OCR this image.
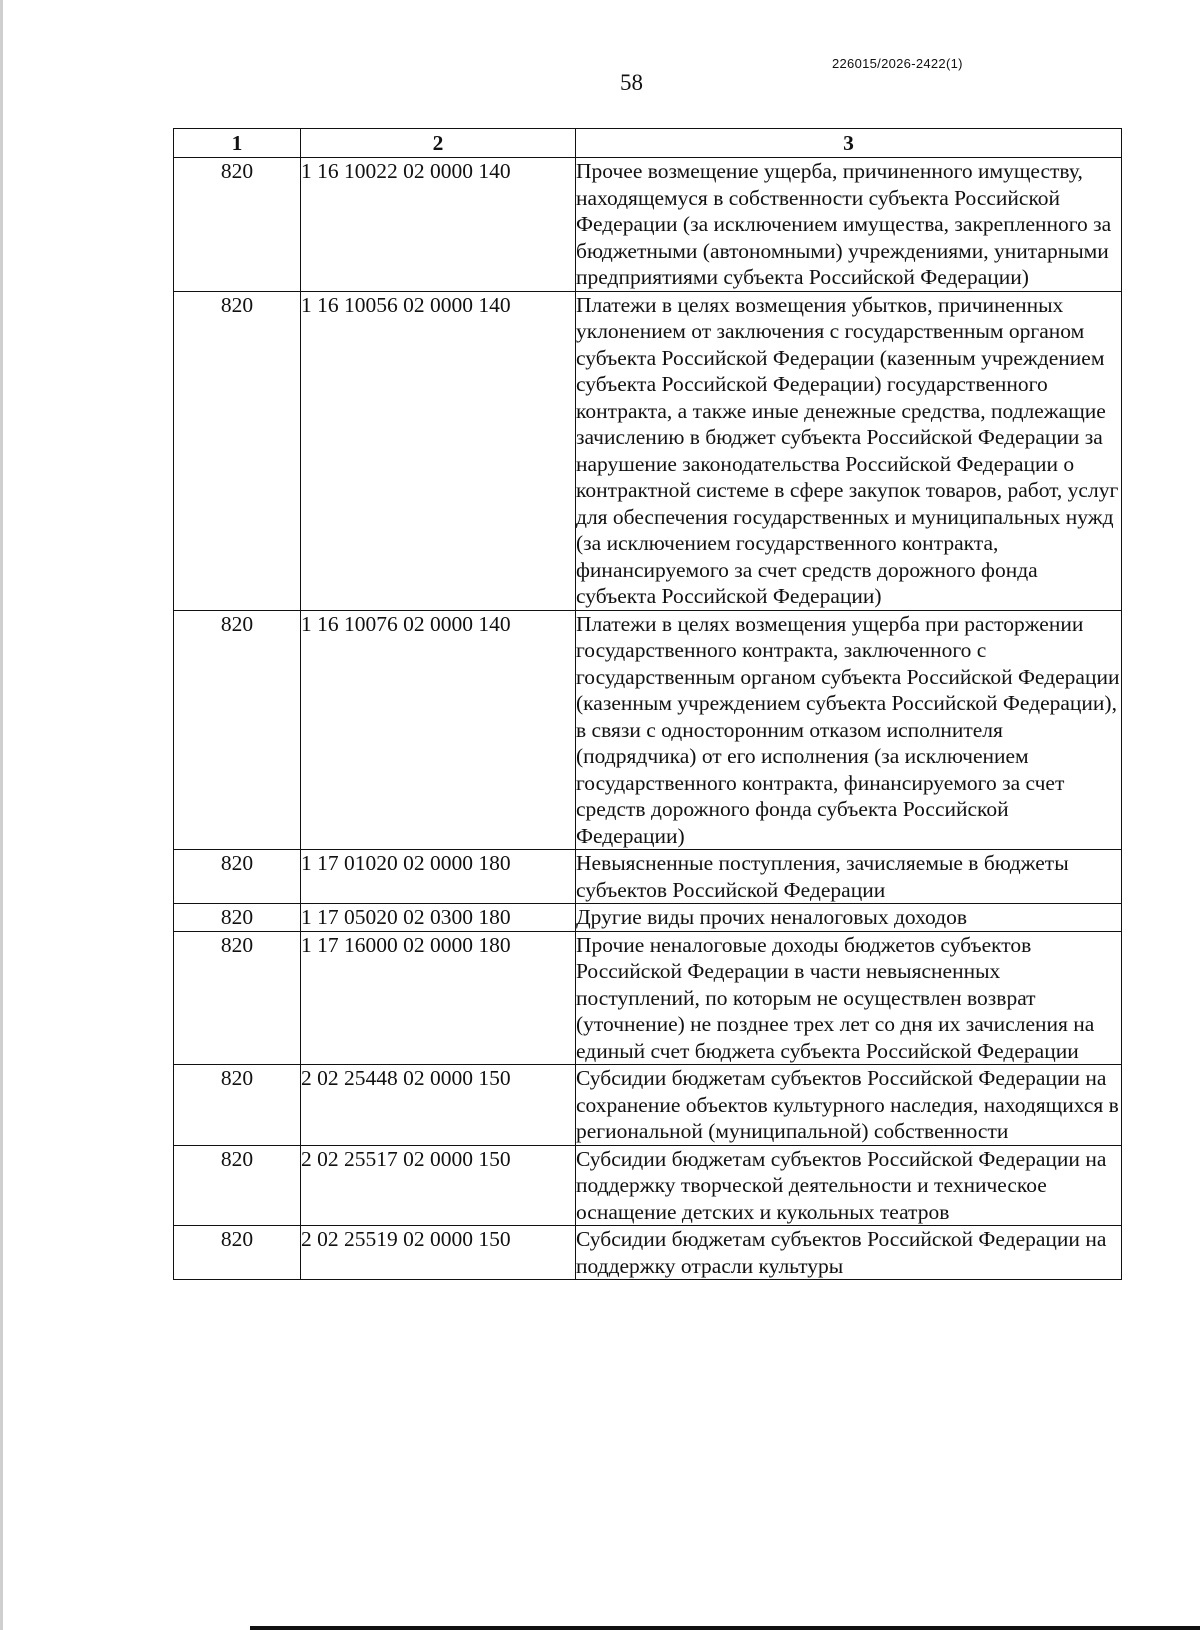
226015/2026-2422(1)
58
1	2	3
820	1 16 10022 02 0000 140	Прочее возмещение ущерба, причиненного имуществу, находящемуся в собственности субъекта Российской Федерации (за исключением имущества, закрепленного за бюджетными (автономными) учреждениями, унитарными предприятиями субъекта Российской Федерации)
820	1 16 10056 02 0000 140	Платежи в целях возмещения убытков, причиненных уклонением от заключения с государственным органом субъекта Российской Федерации (казенным учреждением субъекта Российской Федерации) государственного контракта, а также иные денежные средства, подлежащие зачислению в бюджет субъекта Российской Федерации за нарушение законодательства Российской Федерации о контрактной системе в сфере закупок товаров, работ, услуг для обеспечения государственных и муниципальных нужд (за исключением государственного контракта, финансируемого за счет средств дорожного фонда субъекта Российской Федерации)
820	1 16 10076 02 0000 140	Платежи в целях возмещения ущерба при расторжении государственного контракта, заключенного с государственным органом субъекта Российской Федерации (казенным учреждением субъекта Российской Федерации), в связи с односторонним отказом исполнителя (подрядчика) от его исполнения (за исключением государственного контракта, финансируемого за счет средств дорожного фонда субъекта Российской Федерации)
820	1 17 01020 02 0000 180	Невыясненные поступления, зачисляемые в бюджеты субъектов Российской Федерации
820	1 17 05020 02 0300 180	Другие виды прочих неналоговых доходов
820	1 17 16000 02 0000 180	Прочие неналоговые доходы бюджетов субъектов Российской Федерации в части невыясненных поступлений, по которым не осуществлен возврат (уточнение) не позднее трех лет со дня их зачисления на единый счет бюджета субъекта Российской Федерации
820	2 02 25448 02 0000 150	Субсидии бюджетам субъектов Российской Федерации на сохранение объектов культурного наследия, находящихся в региональной (муниципальной) собственности
820	2 02 25517 02 0000 150	Субсидии бюджетам субъектов Российской Федерации на поддержку творческой деятельности и техническое оснащение детских и кукольных театров
820	2 02 25519 02 0000 150	Субсидии бюджетам субъектов Российской Федерации на поддержку отрасли культуры
